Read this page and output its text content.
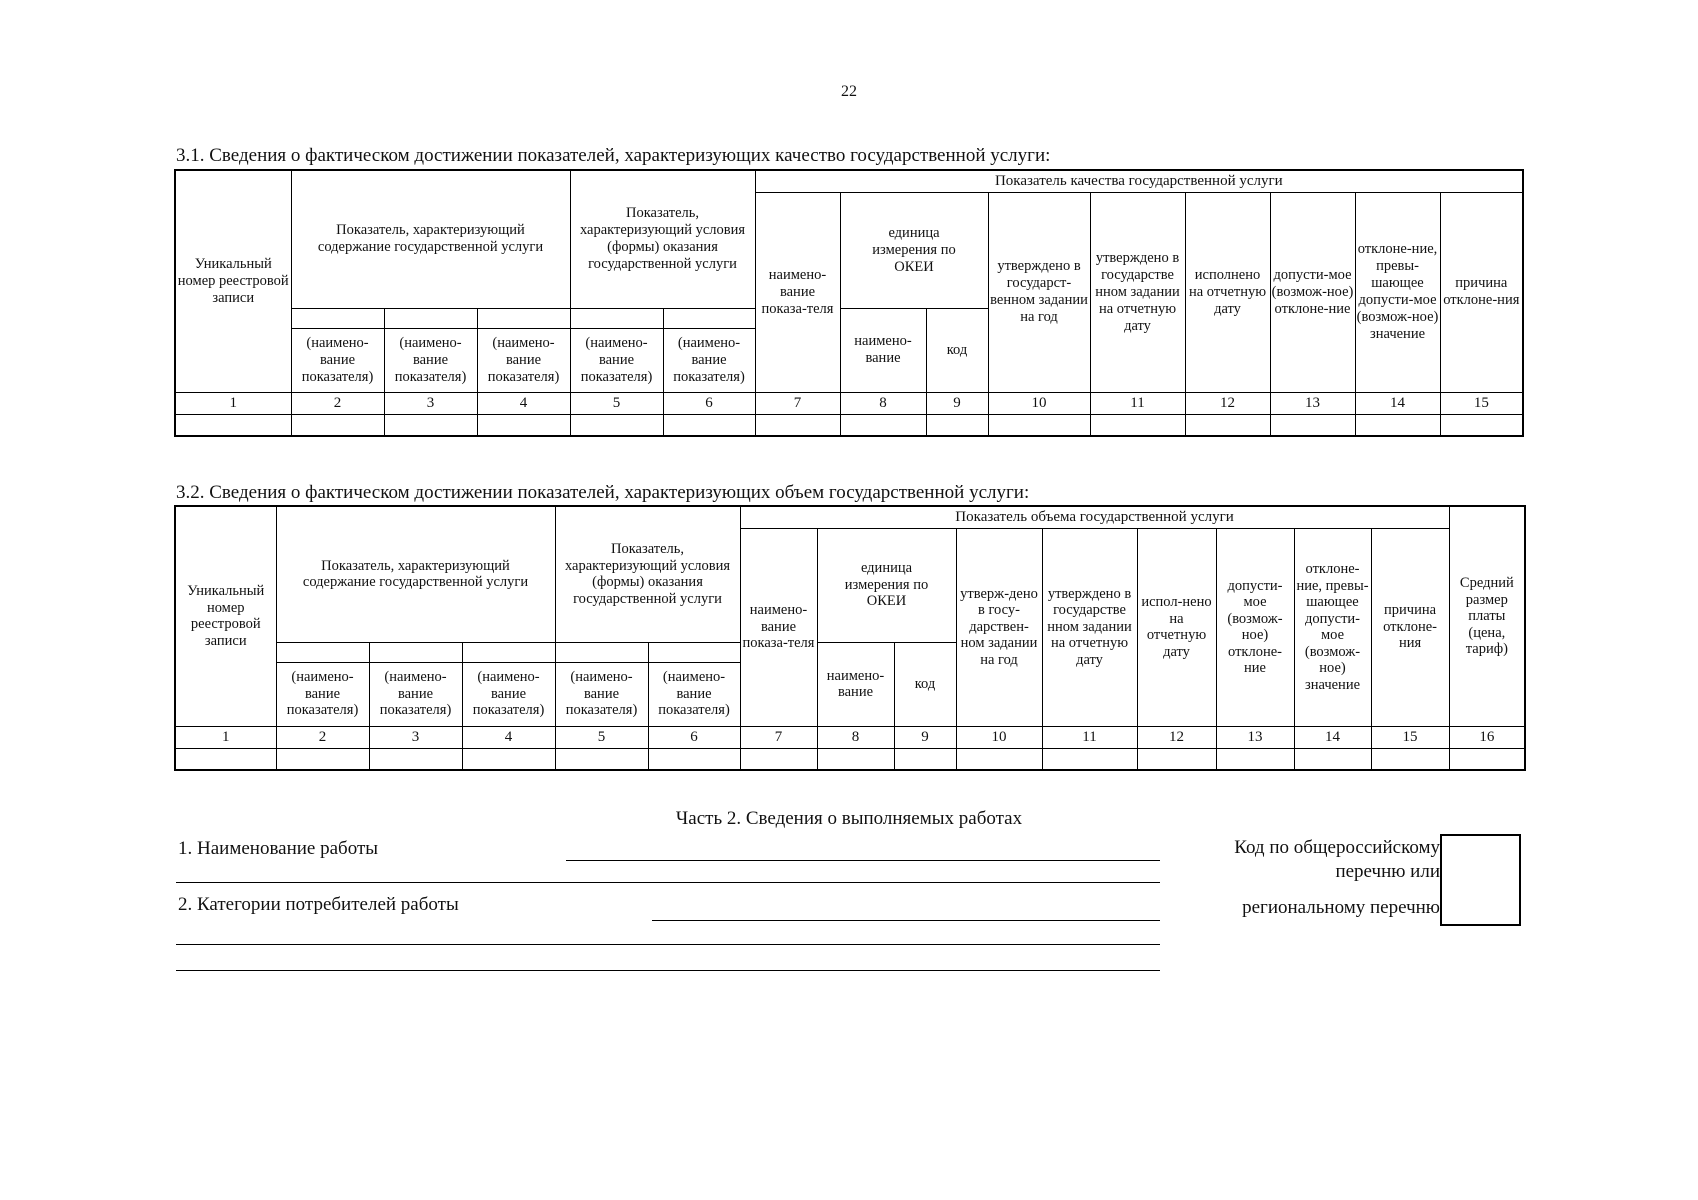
22
3.1. Сведения о фактическом достижении показателей, характеризующих качество государственной услуги:
Уникальный номер реестровой записи	Показатель, характеризующий содержание государственной услуги			Показатель, характеризующий условия (формы) оказания государственной услуги		Показатель качества государственной услуги								
						наимено-вание показа-теля	единица измерения по ОКЕИ		утверждено в государст-венном задании на год	утверждено в государстве нном задании на отчетную дату	исполнено на отчетную дату	допусти-мое (возмож-ное) отклоне-ние	отклоне-ние, превы-шающее допусти-мое (возмож-ное) значение	причина отклоне-ния
							наимено-вание	код						
	(наимено-вание показателя)	(наимено-вание показателя)	(наимено-вание показателя)	(наимено-вание показателя)	(наимено-вание показателя)									
1	2	3	4	5	6	7	8	9	10	11	12	13	14	15

3.2. Сведения о фактическом достижении показателей, характеризующих объем государственной услуги:
Уникальный номер реестровой записи	Показатель, характеризующий содержание государственной услуги			Показатель, характеризующий условия (формы) оказания государственной услуги		Показатель объема государственной услуги									Средний размер платы (цена, тариф)
						наимено-вание показа-теля	единица измерения по ОКЕИ		утверж-дено в госу-дарствен-ном задании на год	утверждено в государстве нном задании на отчетную дату	испол-нено на отчетную дату	допусти-мое (возмож-ное) отклоне-ние	отклоне-ние, превы-шающее допусти-мое (возмож-ное) значение	причина отклоне-ния	
							наимено-вание	код							
	(наимено-вание показателя)	(наимено-вание показателя)	(наимено-вание показателя)	(наимено-вание показателя)	(наимено-вание показателя)										
1	2	3	4	5	6	7	8	9	10	11	12	13	14	15	16

Часть 2. Сведения о выполняемых работах
1. Наименование работы
2. Категории потребителей работы
Код по общероссийскому
перечню или
региональному перечню
